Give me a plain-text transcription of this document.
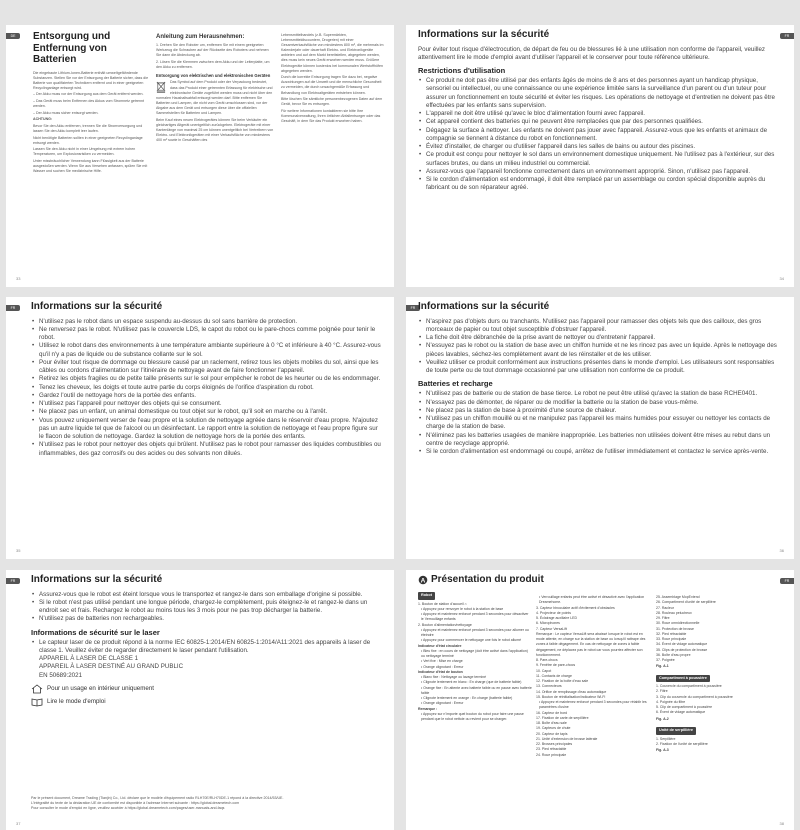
DE	Entsorgung und Entfernung von Batterien

Die eingebaute Lithium-Ionen-Batterie enthält umweltgefährdende Substanzen. Stellen Sie vor der Entsorgung der Batterie sicher, dass die Batterie von qualifizierten Technikern entfernt und in einer geeigneten Recyclinganlage entsorgt wird.

– Der Akku muss vor der Entsorgung aus dem Gerät entfernt werden.

– Das Gerät muss beim Entfernen des Akkus vom Stromnetz getrennt werden.

– Der Akku muss sicher entsorgt werden.

ACHTUNG:

Bevor Sie den Akku entfernen, trennen Sie die Stromversorgung und lassen Sie den Akku komplett leer laufen.

Nicht benötigte Batterien sollten in einer geeigneten Recyclinganlage entsorgt werden.

Lassen Sie den Akku nicht in einer Umgebung mit extrem hohen Temperaturen, um Explosionsrisiken zu vermeiden.

Unter missbräuchlicher Verwendung kann Flüssigkeit aus der Batterie ausgestoßen werden. Wenn Sie aus Versehen anfassen, spülen Sie mit Wasser und suchen Sie medizinische Hilfe.

Anleitung zum Herausnehmen:

1. Drehen Sie den Roboter um, entfernen Sie mit einem geeigneten Werkzeug die Schrauben auf der Rückseite des Roboters und nehmen Sie dann die Abdeckung ab.

2. Lösen Sie die Klemmen zwischen dem Akku und der Leiterplatte, um den Akku zu entfernen.

Entsorgung von elektrischen und elektronischen Geräten

Das Symbol auf dem Produkt oder der Verpackung bedeutet, dass das Produkt einer getrennten Erfassung für elektrische und elektronische Geräte zugeführt werden muss und nicht über den normalen Haushaltsabfall entsorgt werden darf. Bitte entfernen Sie Batterien und Lampen, die nicht vom Gerät umschlossen sind, vor der Abgabe aus dem Gerät und entsorgen diese über die offiziellen Sammelstellen für Batterien und Lampen.

Beim Kauf eines neuen Elektrogerätes können Sie beim Verkäufer ein gleichartiges Altgerät unentgeltlich zurückgeben. Elektrogeräte mit einer Kantenlänge von maximal 25 cm können unentgeltlich bei Vertreibern von Elektro- und Elektronikgeräten mit einer Verkaufsfläche von mindestens 400 m² sowie in Geschäften des

Lebensmittelhandels (z.B. Supermärkten, Lebensmitteldiscountern, Drogerien) mit einer Gesamtverkaufsfläche von mindestens 800 m², die mehrmals im Kalenderjahr oder dauerhaft Elektro- und Elektronikgeräte anbieten und auf dem Markt bereitstellen, abgegeben werden, dies muss kein neues Gerät erworben werden muss. Größere Elektrogeräte können kostenlos bei kommunalen Wertstoffhöfen abgegeben werden.

Durch die korrekte Entsorgung tragen Sie dazu bei, negative Auswirkungen auf die Umwelt und die menschliche Gesundheit zu vermeiden, die durch unsachgemäße Erfassung und Behandlung von Elektroaltgeräten entstehen können.

Bitte löschen Sie sämtliche personenbezogenen Daten auf dem Gerät, bevor Sie es entsorgen.

Für weitere Informationen kontaktieren sie bitte Ihre Kommunalverwaltung, Ihren örtlichen Abfallentsorger oder das Geschäft, in dem Sie das Produkt erworben haben.

33
FR
Informations sur la sécurité

Pour éviter tout risque d'électrocution, de départ de feu ou de blessures lié à une utilisation non conforme de l'appareil, veuillez attentivement lire le mode d'emploi avant d'utiliser l'appareil et le conserver pour toute référence ultérieure.

Restrictions d'utilisation
• Ce produit ne doit pas être utilisé par des enfants âgés de moins de 8 ans et des personnes ayant un handicap physique, sensoriel ou intellectuel, ou une connaissance ou une expérience limitée sans la surveillance d'un parent ou d'un tuteur pour assurer un fonctionnement en toute sécurité et éviter les risques. Les opérations de nettoyage et d'entretien ne doivent pas être effectuées par les enfants sans supervision.
• L'appareil ne doit être utilisé qu'avec le bloc d'alimentation fourni avec l'appareil.
• Cet appareil contient des batteries qui ne peuvent être remplacées que par des personnes qualifiées.
• Dégagez la surface à nettoyer. Les enfants ne doivent pas jouer avec l'appareil. Assurez-vous que les enfants et animaux de compagnie se tiennent à distance du robot en fonctionnement.
• Évitez d'installer, de charger ou d'utiliser l'appareil dans les salles de bains ou autour des piscines.
• Ce produit est conçu pour nettoyer le sol dans un environnement domestique uniquement. Ne l'utilisez pas à l'extérieur, sur des surfaces brutes, ou dans un milieu industriel ou commercial.
• Assurez-vous que l'appareil fonctionne correctement dans un environnement approprié. Sinon, n'utilisez pas l'appareil.
• Si le cordon d'alimentation est endommagé, il doit être remplacé par un assemblage ou cordon spécial disponible auprès du fabricant ou de son réparateur agréé.
34
FR	Informations sur la sécurité
• N'utilisez pas le robot dans un espace suspendu au-dessus du sol sans barrière de protection.
• Ne renversez pas le robot. N'utilisez pas le couvercle LDS, le capot du robot ou le pare-chocs comme poignée pour tenir le robot.
• Utilisez le robot dans des environnements à une température ambiante supérieure à 0 °C et inférieure à 40 °C. Assurez-vous qu'il n'y a pas de liquide ou de substance collante sur le sol.
• Pour éviter tout risque de dommage ou blessure causé par un raclement, retirez tous les objets mobiles du sol, ainsi que les câbles ou cordons d'alimentation sur l'itinéraire de nettoyage avant de faire fonctionner l'appareil.
• Retirez les objets fragiles ou de petite taille présents sur le sol pour empêcher le robot de les heurter ou de les endommager.
• Tenez les cheveux, les doigts et toute autre partie du corps éloignés de l'orifice d'aspiration du robot.
• Gardez l'outil de nettoyage hors de la portée des enfants.
• N'utilisez pas l'appareil pour nettoyer des objets qui se consument.
• Ne placez pas un enfant, un animal domestique ou tout objet sur le robot, qu'il soit en marche ou à l'arrêt.
• Vous pouvez uniquement verser de l'eau propre et la solution de nettoyage agréée dans le réservoir d'eau propre. N'ajoutez pas un autre liquide tel que de l'alcool ou un désinfectant. Le rapport entre la solution de nettoyage et l'eau propre figure sur le flacon de solution de nettoyage. Gardez la solution de nettoyage hors de la portée des enfants.
• N'utilisez pas le robot pour nettoyer des objets qui brûlent. N'utilisez pas le robot pour ramasser des liquides combustibles ou inflammables, des gaz corrosifs ou des acides ou des solvants non dilués.
35
FR Informations sur la sécurité
• N'aspirez pas d'objets durs ou tranchants. N'utilisez pas l'appareil pour ramasser des objets tels que des cailloux, des gros morceaux de papier ou tout objet susceptible d'obstruer l'appareil.
• La fiche doit être débranchée de la prise avant de nettoyer ou d'entretenir l'appareil.
• N'essuyez pas le robot ou la station de base avec un chiffon humide et ne les rincez pas avec un liquide. Après le nettoyage des pièces lavables, séchez-les complètement avant de les réinstaller et de les utiliser.
• Veuillez utiliser ce produit conformément aux instructions présentes dans le monde d'emploi. Les utilisateurs sont responsables de toute perte ou de tout dommage occasionné par une utilisation non conforme de ce produit.
Batteries et recharge
• N'utilisez pas de batterie ou de station de base tierce. Le robot ne peut être utilisé qu'avec la station de base RCHE0401.
• N'essayez pas de démonter, de réparer ou de modifier la batterie ou la station de base vous-même.
• Ne placez pas la station de base à proximité d'une source de chaleur.
• N'utilisez pas un chiffon mouillé ou et ne manipulez pas l'appareil les mains humides pour essuyer ou nettoyer les contacts de charge de la station de base.
• N'éliminez pas les batteries usagées de manière inappropriée. Les batteries non utilisées doivent être mises au rebut dans un centre de recyclage approprié.
• Si le cordon d'alimentation est endommagé ou coupé, arrêtez de l'utiliser immédiatement et contactez le service après-vente.
36
FR	Informations sur la sécurité
• Assurez-vous que le robot est éteint lorsque vous le transportez et rangez-le dans son emballage d'origine si possible.
• Si le robot n'est pas utilisé pendant une longue période, chargez-le complètement, puis éteignez-le et rangez-le dans un endroit sec et frais. Rechargez le robot au moins tous les 3 mois pour ne pas trop décharger la batterie.
• N'utilisez pas de batteries non rechargeables.
Informations de sécurité sur le laser
• Le capteur laser de ce produit répond à la norme IEC 60825-1:2014/EN 60825-1:2014/A11:2021 des appareils à laser de classe 1. Veuillez éviter de regarder directement le laser pendant l'utilisation.

APPAREIL À LASER DE CLASSE 1

APPAREIL À LASER DESTINÉ AU GRAND PUBLIC

EN 50689:2021

Pour un usage en intérieur uniquement
Lire le mode d'emploi

Par le présent document, Dreame Trading (Tianjin) Co., Ltd. déclare que le modèle d'équipement radio RLH70E/RLH70DE-1 répond à la directive 2014/53/UE.

L'intégralité du texte de la déclaration UE de conformité est disponible à l'adresse Internet suivante : https://global.dreametech.com

Pour consulter le mode d'emploi en ligne, veuillez accéder à https://global.dreametech.com/pages/user-manuals-and-faqs

37
FR
A Présentation du produit
Robot
1. Bouton de station d'accueil ⌂
• Appuyez pour renvoyer le robot à la station de base
• Appuyez et maintenez enfoncé pendant 3 secondes pour désactiver le Verrouillage enfants
2. Bouton d'alimentation/nettoyage
• Appuyez et maintenez enfoncé pendant 3 secondes pour allumer ou éteindre
• Appuyez pour commencer le nettoyage une fois le robot allumé
Indicateur d'état circulaire
• Bleu fixe : en cours de nettoyage (doit être activé dans l'application) ou nettoyage terminé
• Vert fixe : Mise en charge
• Orange clignotant : Erreur
Indicateur d'état de bouton
• Blanc fixe : Nettoyage ou lavage terminé
• Clignote lentement en blanc : En charge (que de batterie faible)
• Orange fixe : En attente avec batterie faible ou en pause avec batterie faible
• Clignote lentement en orange : En charge (batterie faible)
• Orange clignotant : Erreur
Remarque :
• Appuyez sur n'importe quel bouton du robot pour faire une pause pendant que le robot nettoie ou revient pour se charger.
• Verrouillage enfants peut être activé et désactivé avec l'application Dreamehome.
3. Capteur binoculaire actif d'évitement d'obstacles
4. Projecteur de points
5. Éclairage auxiliaire LED
6. Microphones
7. Capteur VersaLift
Remarque : Le capteur VersaLift sera abaissé lorsque le robot est en mode attente, en charge sur la station de base ou lorsqu'il rattrape des zones à faible dégagement. En cas de nettoyage de zones à faible dégagement, ne déplacez pas le robot car vous pourriez affecter son fonctionnement.
8. Pare-chocs
9. Fenêtre de pare-chocs
10. Capot
11. Contacts de charge
12. Fixation de la boîte d'eau sale
13. Connecteurs
14. Orifice de remplissage d'eau automatique
15. Bouton de réinitialisation/indicateur Wi-Fi
• Appuyez et maintenez enfoncé pendant 3 secondes pour rétablir les paramètres d'usine
16. Capteur de bord
17. Fixation de carte de serpillière
18. Boîte d'eau sale
19. Capteurs de chute
20. Capteur de tapis
21. Unité d'extension de brosse latérale
22. Brosses principales
23. Pied rétractable
24. Roue principale
25. Assemblage MopExtend
26. Compartiment d'unité de serpillière
27. Racleur
28. Rouleau pelucheux
29. Filtre
30. Roue omnidirectionnelle
31. Protection de brosse
32. Pied rétractable
33. Roue principale
34. Évent de vidage automatique
35. Clips de protection de brosse
36. Boîte d'eau propre
37. Poignée
Fig. A-1
Compartiment à poussière
1. Couvercle du compartiment à poussière
2. Filtre
3. Clip du couvercle du compartiment à poussière
4. Poignée du filtre
5. Clip de compartiment à poussière
6. Évent de vidage automatique
Fig. A-2
Unité de serpillière
1. Serpillière
2. Fixation de l'unité de serpillière
Fig. A-3
38
